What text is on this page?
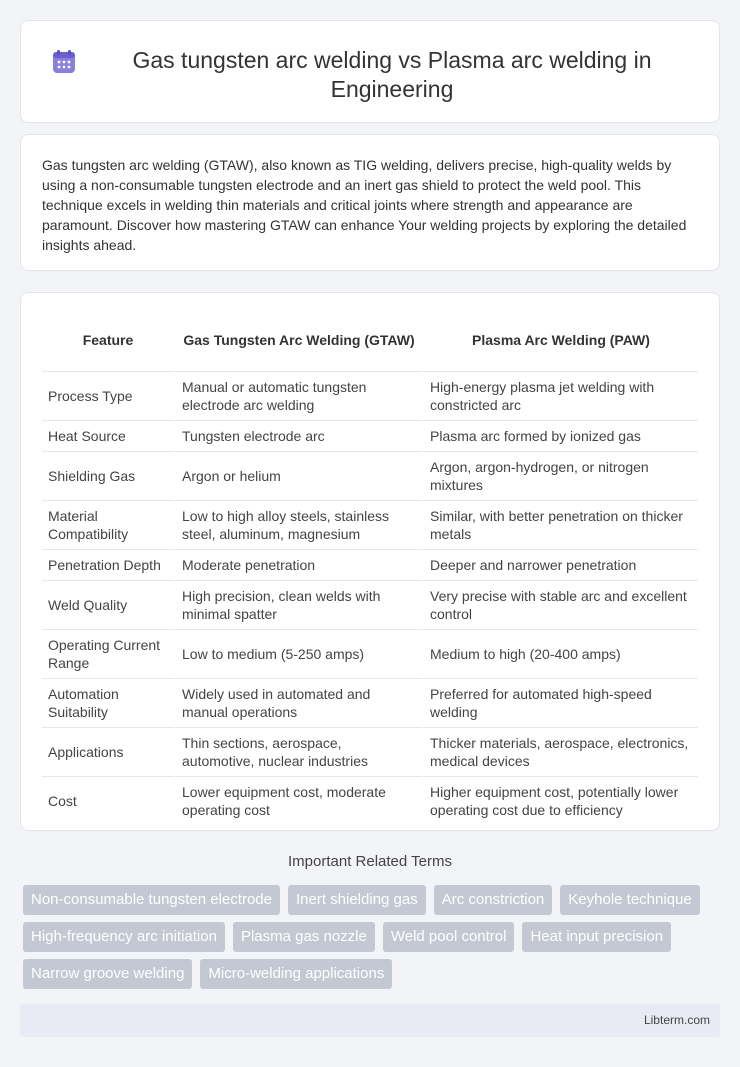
Gas tungsten arc welding vs Plasma arc welding in Engineering

Gas tungsten arc welding (GTAW), also known as TIG welding, delivers precise, high-quality welds by using a non-consumable tungsten electrode and an inert gas shield to protect the weld pool. This technique excels in welding thin materials and critical joints where strength and appearance are paramount. Discover how mastering GTAW can enhance Your welding projects by exploring the detailed insights ahead.

Feature	Gas Tungsten Arc Welding (GTAW)	Plasma Arc Welding (PAW)
Process Type	Manual or automatic tungsten electrode arc welding	High-energy plasma jet welding with constricted arc
Heat Source	Tungsten electrode arc	Plasma arc formed by ionized gas
Shielding Gas	Argon or helium	Argon, argon-hydrogen, or nitrogen mixtures
Material Compatibility	Low to high alloy steels, stainless steel, aluminum, magnesium	Similar, with better penetration on thicker metals
Penetration Depth	Moderate penetration	Deeper and narrower penetration
Weld Quality	High precision, clean welds with minimal spatter	Very precise with stable arc and excellent control
Operating Current Range	Low to medium (5-250 amps)	Medium to high (20-400 amps)
Automation Suitability	Widely used in automated and manual operations	Preferred for automated high-speed welding
Applications	Thin sections, aerospace, automotive, nuclear industries	Thicker materials, aerospace, electronics, medical devices
Cost	Lower equipment cost, moderate operating cost	Higher equipment cost, potentially lower operating cost due to efficiency
Important Related Terms
Non-consumable tungsten electrode	Inert shielding gas	Arc constriction	Keyhole technique
High-frequency arc initiation	Plasma gas nozzle	Weld pool control	Heat input precision
Narrow groove welding	Micro-welding applications
Libterm.com
